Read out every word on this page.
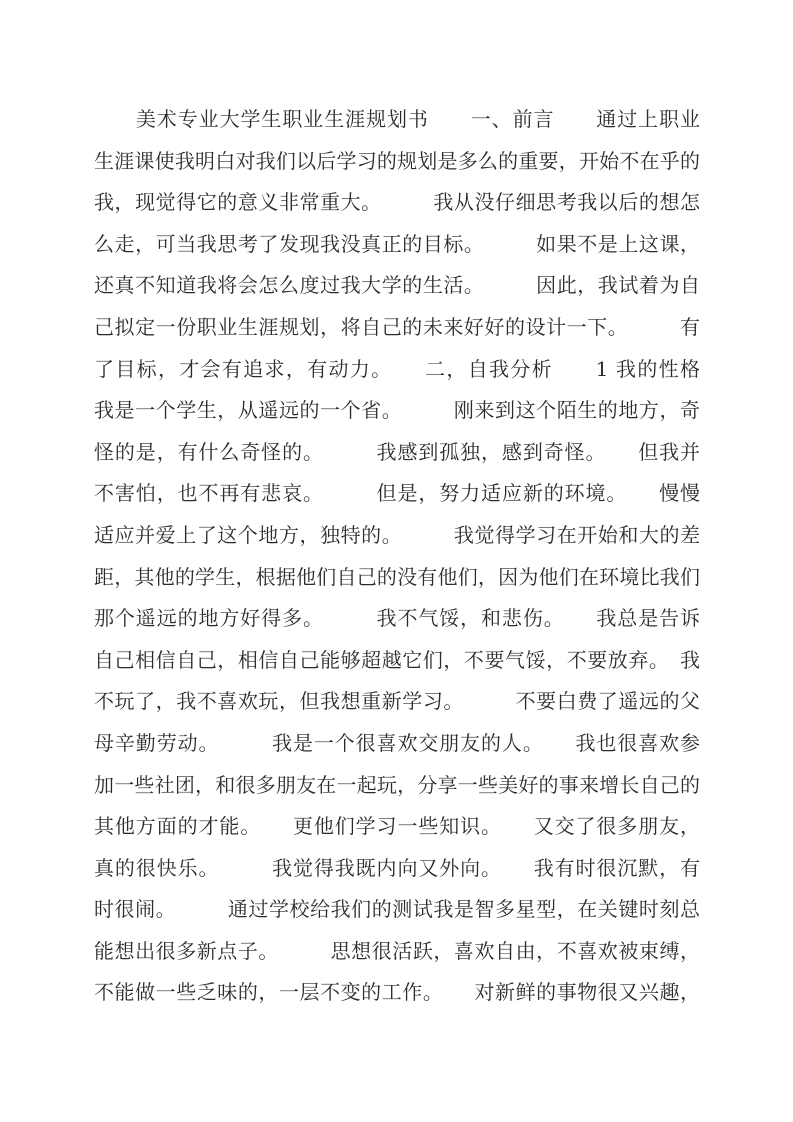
　　美术专业大学生职业生涯规划书　　一、前言　　通过上职业
生涯课使我明白对我们以后学习的规划是多么的重要，开始不在乎的
我，现觉得它的意义非常重大。　　　我从没仔细思考我以后的想怎
么走，可当我思考了发现我没真正的目标。　　　如果不是上这课，
还真不知道我将会怎么度过我大学的生活。　　　因此，我试着为自
己拟定一份职业生涯规划，将自己的未来好好的设计一下。　　　有
了目标，才会有追求，有动力。　　二，自我分析　　1 我的性格
我是一个学生，从遥远的一个省。　　　刚来到这个陌生的地方，奇
怪的是，有什么奇怪的。　　　我感到孤独，感到奇怪。　　但我并
不害怕，也不再有悲哀。　　　但是，努力适应新的环境。　　慢慢
适应并爱上了这个地方，独特的。　　　我觉得学习在开始和大的差
距，其他的学生，根据他们自己的没有他们，因为他们在环境比我们
那个遥远的地方好得多。　　　我不气馁，和悲伤。　　我总是告诉
自己相信自己，相信自己能够超越它们，不要气馁，不要放弃。　我
不玩了，我不喜欢玩，但我想重新学习。　　　不要白费了遥远的父
母辛勤劳动。　　　我是一个很喜欢交朋友的人。　　我也很喜欢参
加一些社团，和很多朋友在一起玩，分享一些美好的事来增长自己的
其他方面的才能。　　更他们学习一些知识。　　又交了很多朋友，
真的很快乐。　　　我觉得我既内向又外向。　　我有时很沉默，有
时很闹。　　　通过学校给我们的测试我是智多星型，在关键时刻总
能想出很多新点子。　　　思想很活跃，喜欢自由，不喜欢被束缚，
不能做一些乏味的，一层不变的工作。　　对新鲜的事物很又兴趣，
